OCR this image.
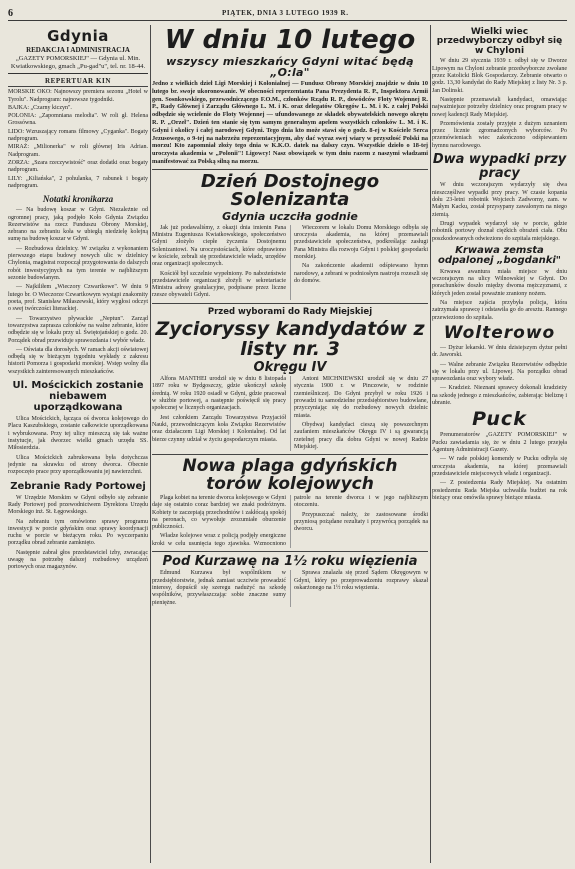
6	PIĄTEK, DNIA 3 LUTEGO 1939 R.
Gdynia
REDAKCJA I ADMINISTRACJA
„GAZETY POMORSKIEJ" — Gdynia ul. Min. Kwiatkowskiego, gmach „Pu-gad"u", tel. nr. 18-44.
REPERTUAR KIN
MORSKIE OKO: Najnowszy premiera sezonu „Hotel w Tyrolu". Nadprogram: najnowsze tygodniki.
BAJKA: „Czarny kiczyn".
POLONIA: „Zapomniana melodia". W roli gł. Helena Grossówna.
LIDO: Wzruszający romans filmowy „Cyganka". Bogaty nadprogram.
MIRAŻ: „Milionerka" w roli głównej Iris Adrian. Nadprogram.
ZORZA: „Szara rzeczywistość" oraz dodatki oraz bogaty nadprogram.
LILY: „Kiliańska", 2 pohulanka, 7 rabunek i bogaty nadprogram.
Notatki kronikarza

— Na budowę koszar w Gdyni. Niezależnie od ogromnej pracy, jaką podjęło Koło Gdynia Związku Rezerwistów na rzecz Funduszu Obrony Morskiej, zebrano na zebraniu koła w ubiegłą niedzielę kolejną sumę na budowę koszar w Gdyni.

— Rozbudowa dzielnicy. W związku z wykonaniem pierwszego etapu budowy nowych ulic w dzielnicy Chylonia, magistrat rozpoczął przygotowania do dalszych robót inwestycyjnych na tym terenie w najbliższym sezonie budowlanym.

— Najkiliłem „Wieczory Czwartkowe". W dniu 9 lutego br. O Wieczorze Czwartkowym wystąpi znakomity poeta, prof. Stanisław Miłaszewski, który wygłosi odczyt o swej twórczości literackiej.

— Towarzystwo pływackie „Neptun". Zarząd towarzystwa zaprasza członków na walne zebranie, które odbędzie się w lokalu przy ul. Świętojańskiej o godz. 20. Porządek obrad przewiduje sprawozdania i wybór władz.

— Oświata dla dorosłych. W ramach akcji oświatowej odbędą się w bieżącym tygodniu wykłady z zakresu historii Pomorza i gospodarki morskiej. Wstęp wolny dla wszystkich zainteresowanych mieszkańców.

Ul. Mościckich zostanie niebawem uporządkowana

Ulica Mościckich, łącząca oś dworca kolejowego do Placu Kaszubskiego, zostanie całkowicie uporządkowana i wybrukowana. Przy tej ulicy mieszczą się tak ważne instytucje, jak dworzec wielki gmach urzędu SS. Miłosierdzia.

Ulica Mościckich zabrukowana była dotychczas jedynie na skrawku od strony dworca. Obecnie rozpoczęto prace przy uporządkowaniu jej nawierzchni.

Zebranie Rady Portowej

W Urzędzie Morskim w Gdyni odbyło się zebranie Rady Portowej pod przewodnictwem Dyrektora Urzędu Morskiego inż. St. Łęgowskiego.

Na zebraniu tym omówiono sprawy programu inwestycji w porcie gdyńskim oraz sprawy koordynacji ruchu w porcie w bieżącym roku. Po wyczerpaniu porządku obrad zebranie zamknięto.

Następnie zabrał głos przedstawiciel izby, zwracając uwagę na potrzebę dalszej rozbudowy urządzeń portowych oraz magazynów.

W dniu 10 lutego
wszyscy mieszkańcy Gdyni witać będą „O:la"
Jedno z wielkich dzieł Ligi Morskiej i Kolonialnej — Fundusz Obrony Morskiej znajdzie w dniu 10 lutego br. swoje ukoronowanie. W obecności reprezentanta Pana Prezydenta R. P., Inspektora Armii gen. Sosnkowskiego, przewodniczącego F.O.M., członków Rządu R. P., dowódców Floty Wojennej R. P., Rady Głównej i Zarządu Głównego L. M. i K. oraz delegatów Okręgów L. M. i K. z całej Polski odbędzie się wcielenie do Floty Wojennej — ufundowanego ze składek obywatelskich nowego okrętu R. P. „Orzeł". Dzień ten stanie się tym samym generalnym apelem wszystkich członków L. M. i K. Gdyni i okolicy i całej narodowej Gdyni. Tego dnia kto może stawi się o godz. 8-ej w Kościele Serca Jezusowego, o 9-tej na nabrzeżu reprezentacyjnym, aby dać wyraz swej wiary w przyszłość Polski na morzu! Kto zapomniał złoży tego dnia w K.K.O. datek na dalszy czyn. Wszystkie dzieło o 18-tej uroczysta akademia w „Polonii"! Ligowcy! Nasz obowiązek w tym dniu razem z naszymi władzami manifestować za Polską silną na morzu.
Dzień Dostojnego Solenizanta
Gdynia uczciła godnie

Jak już podawaliśmy, z okazji dnia imienin Pana Ministra Eugeniusza Kwiatkowskiego, społeczeństwo Gdyni złożyło ciepłe życzenia Dostojnemu Solenizantowi. Na uroczystościach, które odprawiono w kościele, zebrali się przedstawiciele władz, urzędów oraz organizacji społecznych.

Kościół był szczelnie wypełniony. Po nabożeństwie przedstawiciele organizacji złożyli w sekretariacie Ministra adresy gratulacyjne, podpisane przez liczne rzesze obywateli Gdyni.

Wieczorem w lokalu Domu Morskiego odbyła się uroczysta akademia, na której przemawiali przedstawiciele społeczeństwa, podkreślając zasługi Pana Ministra dla rozwoju Gdyni i polskiej gospodarki morskiej.

Na zakończenie akademii odśpiewano hymn narodowy, a zebrani w podniosłym nastroju rozeszli się do domów.

Przed wyborami do Rady Miejskiej
Zycioryssy kandydatów z listy nr. 3
Okręgu IV

Alfons MANTHEI urodził się w dniu 8 listopada 1897 roku w Bydgoszczy, gdzie ukończył szkołę średnią. W roku 1920 osiadł w Gdyni, gdzie pracował w służbie portowej, a następnie poświęcił się pracy społecznej w licznych organizacjach.

Jest członkiem Zarządu Towarzystwa Przyjaciół Nauki, przewodniczącym koła Związku Rezerwistów oraz działaczem Ligi Morskiej i Kolonialnej. Od lat bierze czynny udział w życiu gospodarczym miasta.

Antoni MICHNIEWSKI urodził się w dniu 27 stycznia 1900 r. w Pinczowie, w rodzinie rzemieślniczej. Do Gdyni przybył w roku 1926 i prowadzi tu samodzielne przedsiębiorstwo budowlane, przyczyniając się do rozbudowy nowych dzielnic miasta.

Obydwaj kandydaci cieszą się powszechnym zaufaniem mieszkańców Okręgu IV i są gwarancją rzetelnej pracy dla dobra Gdyni w nowej Radzie Miejskiej.

Nowa plaga gdyńskich torów kolejowych

Plaga kobiet na terenie dworca kolejowego w Gdyni daje się ostatnio coraz bardziej we znaki podróżnym. Kobiety te zaczepiają przechodniów i zakłócają spokój na peronach, co wywołuje zrozumiałe oburzenie publiczności.

Władze kolejowe wraz z policją podjęły energiczne kroki w celu usunięcia tego zjawiska. Wzmocniono patrole na terenie dworca i w jego najbliższym otoczeniu.

Przypuszczać należy, że zastosowane środki przyniosą pożądane rezultaty i przywrócą porządek na dworcu.

Pod Kurzawę na 1½ roku więzienia

Edmund Kurzawa był wspólnikiem w przedsiębiorstwie, jednak zamiast uczciwie prowadzić interesy, dopuścił się szeregu nadużyć na szkodę wspólników, przywłaszczając sobie znaczne sumy pieniężne.

Sprawa znalazła się przed Sądem Okręgowym w Gdyni, który po przeprowadzeniu rozprawy skazał oskarżonego na 1½ roku więzienia.

Wielki wiec przedwyborczy odbył się w Chyloni

W dniu 29 stycznia 1939 r. odbył się w Dworze Lipowym na Chyloni zebranie przedwyborcze zwołane przez Katolicki Blok Gospodarczy. Zebranie otwarto o godz. 13,30 kandydat do Rady Miejskiej z listy Nr. 3 p. Jan Dolinski.

Następnie przemawiali kandydaci, omawiając najważniejsze potrzeby dzielnicy oraz program pracy w nowej kadencji Rady Miejskiej.

Przemówienia zostały przyjęte z dużym uznaniem przez licznie zgromadzonych wyborców. Po przemówieniach wiec zakończono odśpiewaniem hymnu narodowego.

Dwa wypadki przy pracy

W dniu wczorajszym wydarzyły się dwa nieszczęśliwe wypadki przy pracy. W czasie kopania dołu 23-letni robotnik Wojciech Zadworny, zam. w Małym Kacku, został przysypany zawalonym na niego ziemią.

Drugi wypadek wydarzył się w porcie, gdzie robotnik portowy doznał ciężkich obrażeń ciała. Obu poszkodowanych odwieziono do szpitala miejskiego.

Krwawa zemsta odpalonej „bogdanki"

Krwawa awantura miała miejsce w dniu wczorajszym na ulicy Wilnowskiej w Gdyni. Do porachunków doszło między dwoma mężczyznami, z których jeden został poważnie zraniony nożem.

Na miejsce zajścia przybyła policja, która zatrzymała sprawcę i odstawiła go do aresztu. Rannego przewieziono do szpitala.

Wolterowo

— Dyżur lekarski. W dniu dzisiejszym dyżur pełni dr. Jaworski.

— Walne zebranie Związku Rezerwistów odbędzie się w lokalu przy ul. Lipowej. Na porządku obrad sprawozdania oraz wybory władz.

— Kradzież. Nieznani sprawcy dokonali kradzieży na szkodę jednego z mieszkańców, zabierając bieliznę i ubranie.

Puck

Prenumeratorów „GAZETY POMORSKIEJ" w Pucku zawiadamia się, że w dniu 2 lutego przejęła Agenturę Administracji Gazety.

— W rade polskiej komendy w Pucku odbyła się uroczysta akademia, na której przemawiali przedstawiciele miejscowych władz i organizacji.

— Z posiedzenia Rady Miejskiej. Na ostatnim posiedzeniu Rada Miejska uchwaliła budżet na rok bieżący oraz omówiła sprawy bieżące miasta.
